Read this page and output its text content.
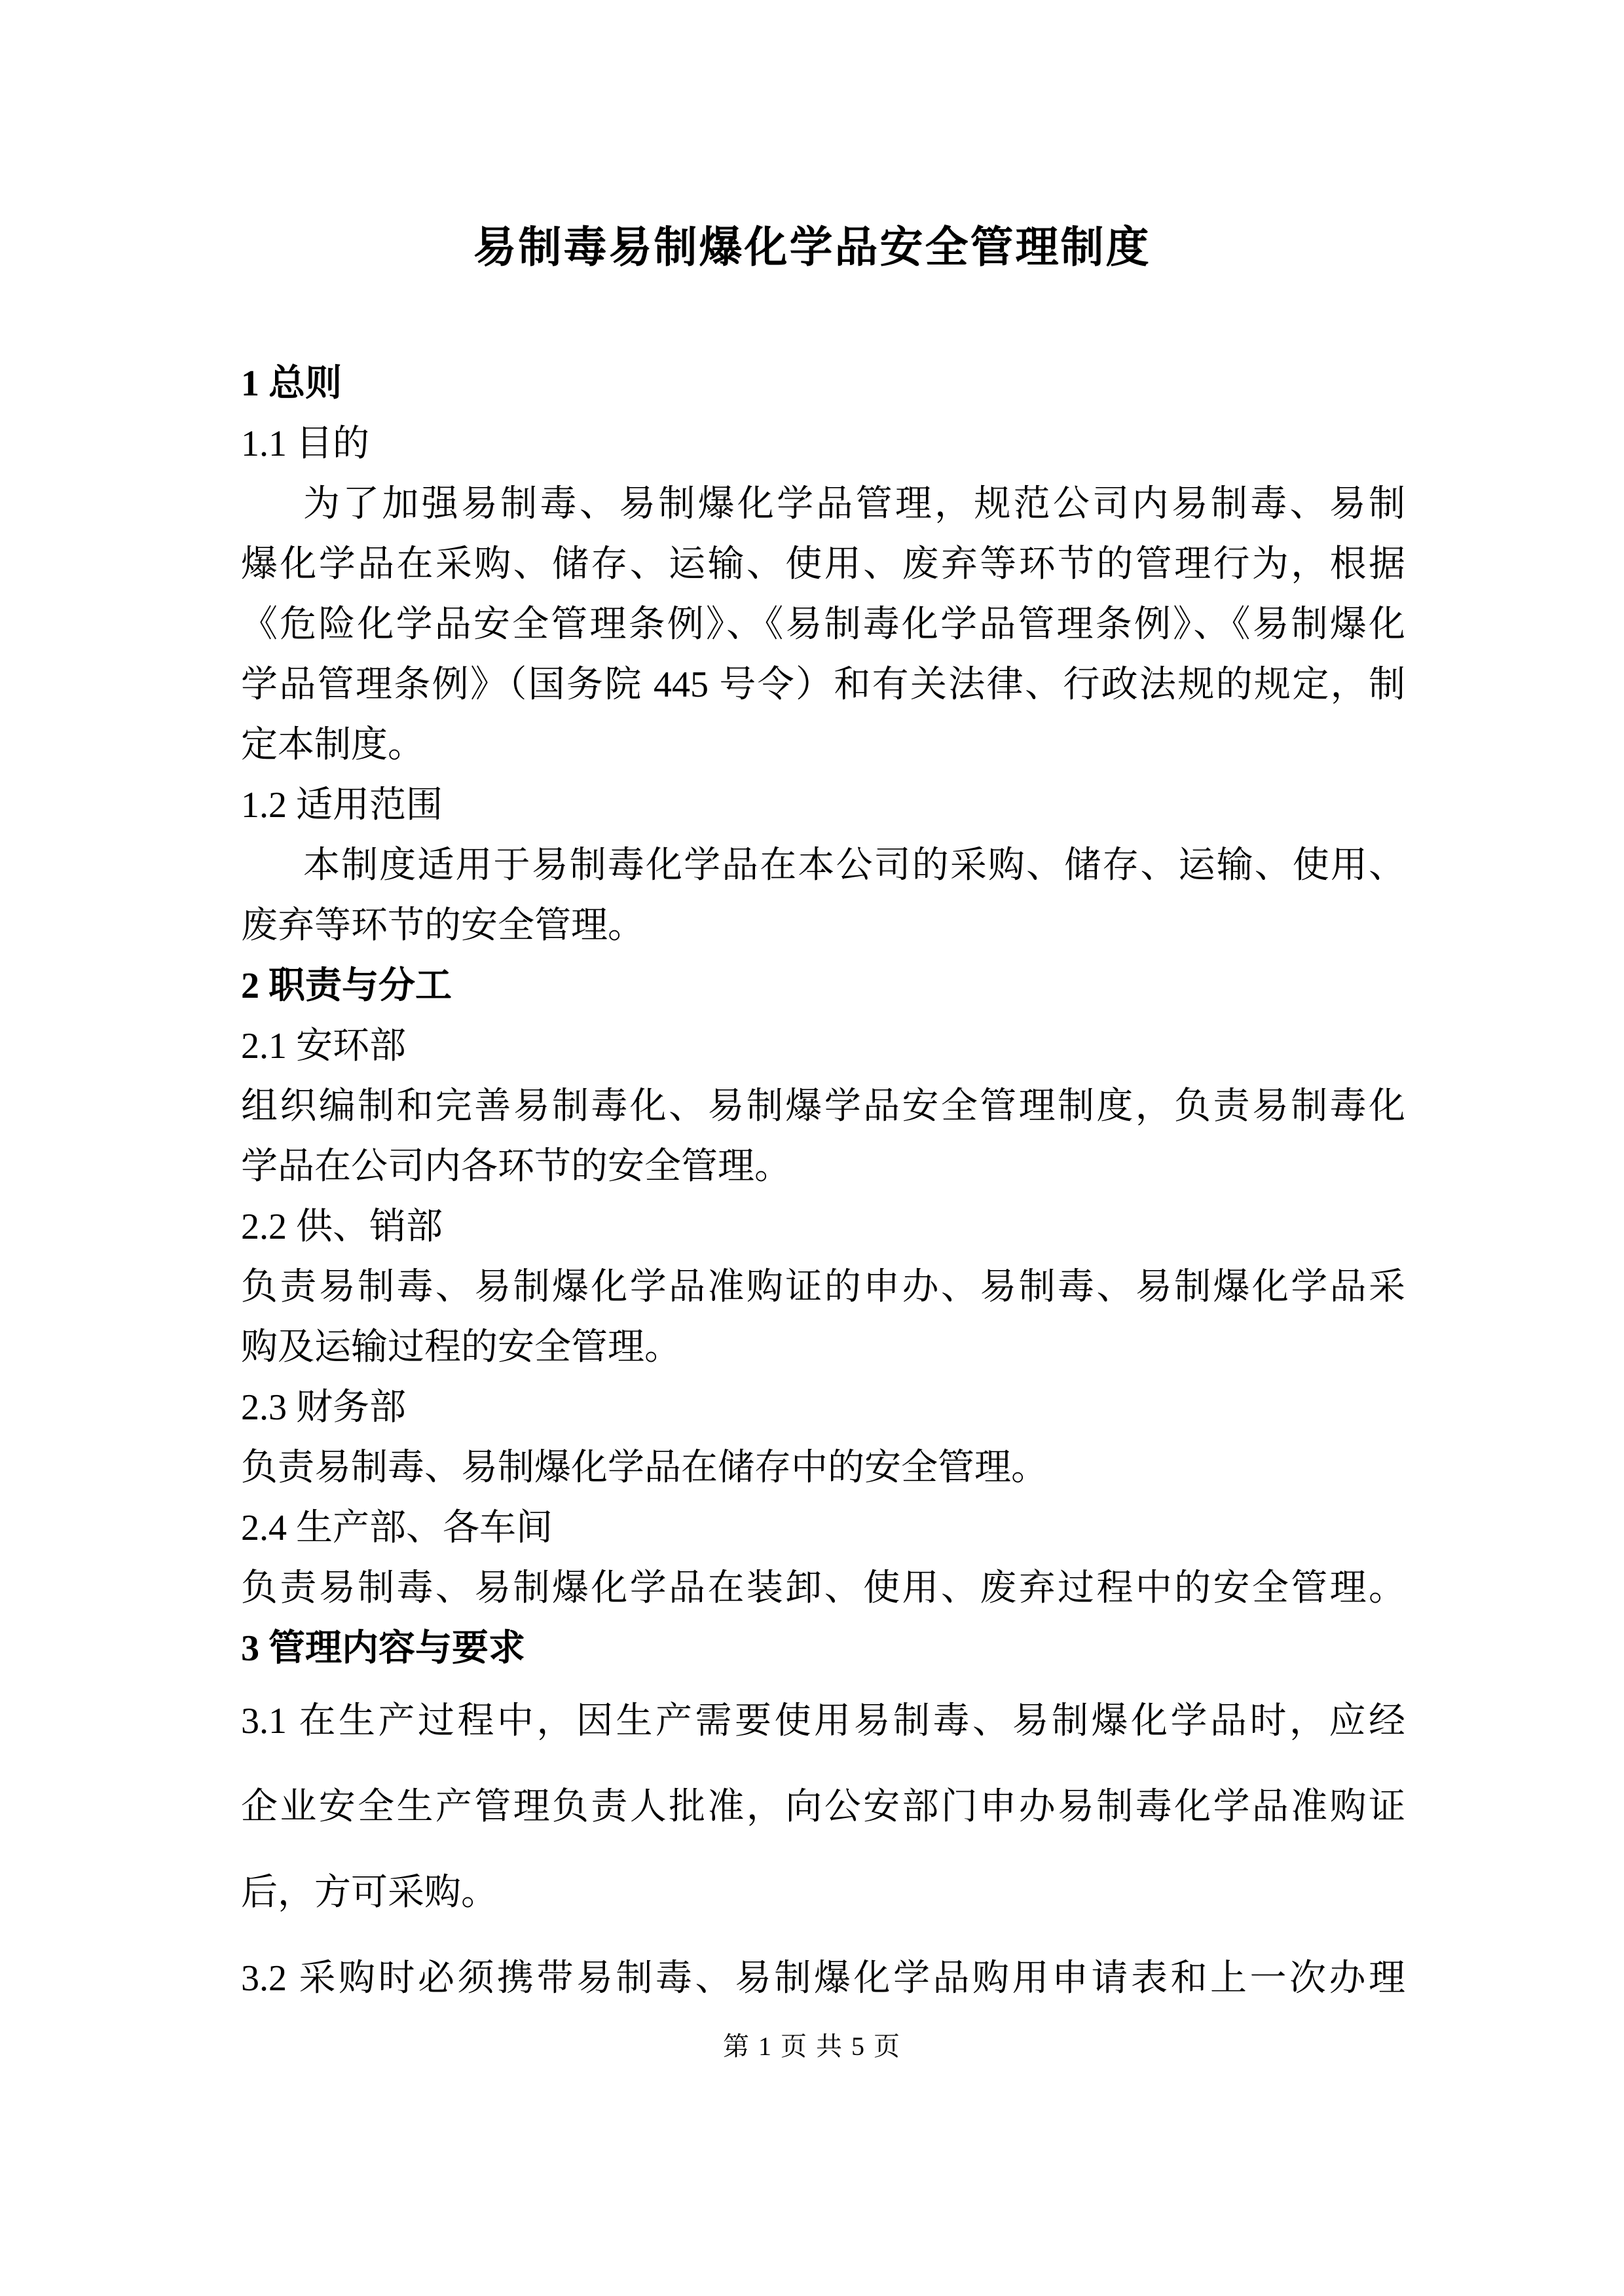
易制毒易制爆化学品安全管理制度
1 总则
1.1 目的
为了加强易制毒、易制爆化学品管理，规范公司内易制毒、易制
爆化学品在采购、储存、运输、使用、废弃等环节的管理行为，根据
《危险化学品安全管理条例》、《易制毒化学品管理条例》、《易制爆化
学品管理条例》（国务院 445 号令）和有关法律、行政法规的规定，制
定本制度。
1.2 适用范围
本制度适用于易制毒化学品在本公司的采购、储存、运输、使用、
废弃等环节的安全管理。
2 职责与分工
2.1 安环部
组织编制和完善易制毒化、易制爆学品安全管理制度，负责易制毒化
学品在公司内各环节的安全管理。
2.2 供、销部
负责易制毒、易制爆化学品准购证的申办、易制毒、易制爆化学品采
购及运输过程的安全管理。
2.3 财务部
负责易制毒、易制爆化学品在储存中的安全管理。
2.4 生产部、各车间
负责易制毒、易制爆化学品在装卸、使用、废弃过程中的安全管理。
3 管理内容与要求
3.1 在生产过程中，因生产需要使用易制毒、易制爆化学品时，应经
企业安全生产管理负责人批准，向公安部门申办易制毒化学品准购证
后，方可采购。
3.2 采购时必须携带易制毒、易制爆化学品购用申请表和上一次办理
第 1 页 共 5 页
